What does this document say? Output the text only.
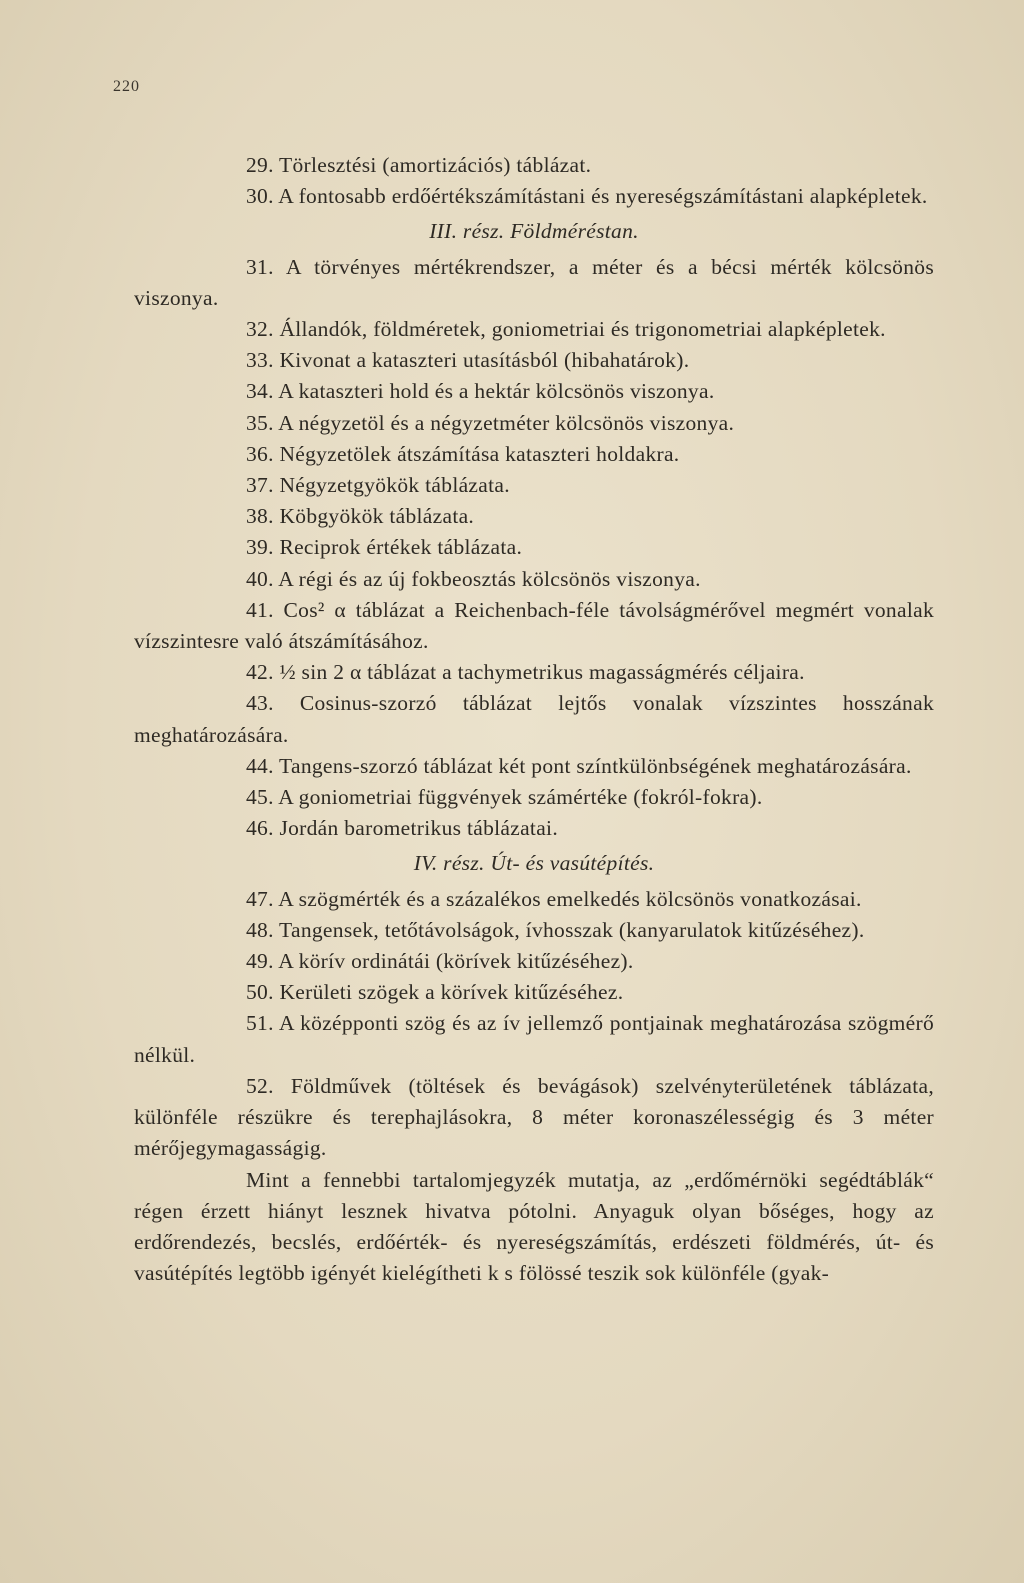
220

29. Törlesztési (amortizációs) táblázat.

30. A fontosabb erdőértékszámítástani és nyereségszámítástani alapképletek.

III. rész. Földméréstan.

31. A törvényes mértékrendszer, a méter és a bécsi mérték kölcsönös viszonya.

32. Állandók, földméretek, goniometriai és trigonometriai alapképletek.

33. Kivonat a kataszteri utasításból (hibahatárok).

34. A kataszteri hold és a hektár kölcsönös viszonya.

35. A négyzetöl és a négyzetméter kölcsönös viszonya.

36. Négyzetölek átszámítása kataszteri holdakra.

37. Négyzetgyökök táblázata.

38. Köbgyökök táblázata.

39. Reciprok értékek táblázata.

40. A régi és az új fokbeosztás kölcsönös viszonya.

41. Cos² α táblázat a Reichenbach-féle távolságmérővel megmért vonalak vízszintesre való átszámításához.

42. ½ sin 2 α táblázat a tachymetrikus magasságmérés céljaira.

43. Cosinus-szorzó táblázat lejtős vonalak vízszintes hosszának meghatározására.

44. Tangens-szorzó táblázat két pont színtkülönbségének meghatározására.

45. A goniometriai függvények számértéke (fokról-fokra).

46. Jordán barometrikus táblázatai.

IV. rész. Út- és vasútépítés.

47. A szögmérték és a százalékos emelkedés kölcsönös vonatkozásai.

48. Tangensek, tetőtávolságok, ívhosszak (kanyarulatok kitűzéséhez).

49. A körív ordinátái (körívek kitűzéséhez).

50. Kerületi szögek a körívek kitűzéséhez.

51. A középponti szög és az ív jellemző pontjainak meghatározása szögmérő nélkül.

52. Földművek (töltések és bevágások) szelvényterületének táblázata, különféle részükre és terephajlásokra, 8 méter koronaszélességig és 3 méter mérőjegymagasságig.

Mint a fennebbi tartalomjegyzék mutatja, az „erdőmérnöki segédtáblák“ régen érzett hiányt lesznek hivatva pótolni. Anyaguk olyan bőséges, hogy az erdőrendezés, becslés, erdőérték- és nyereségszámítás, erdészeti földmérés, út- és vasútépítés legtöbb igényét kielégítheti k s fölössé teszik sok különféle (gyak-
